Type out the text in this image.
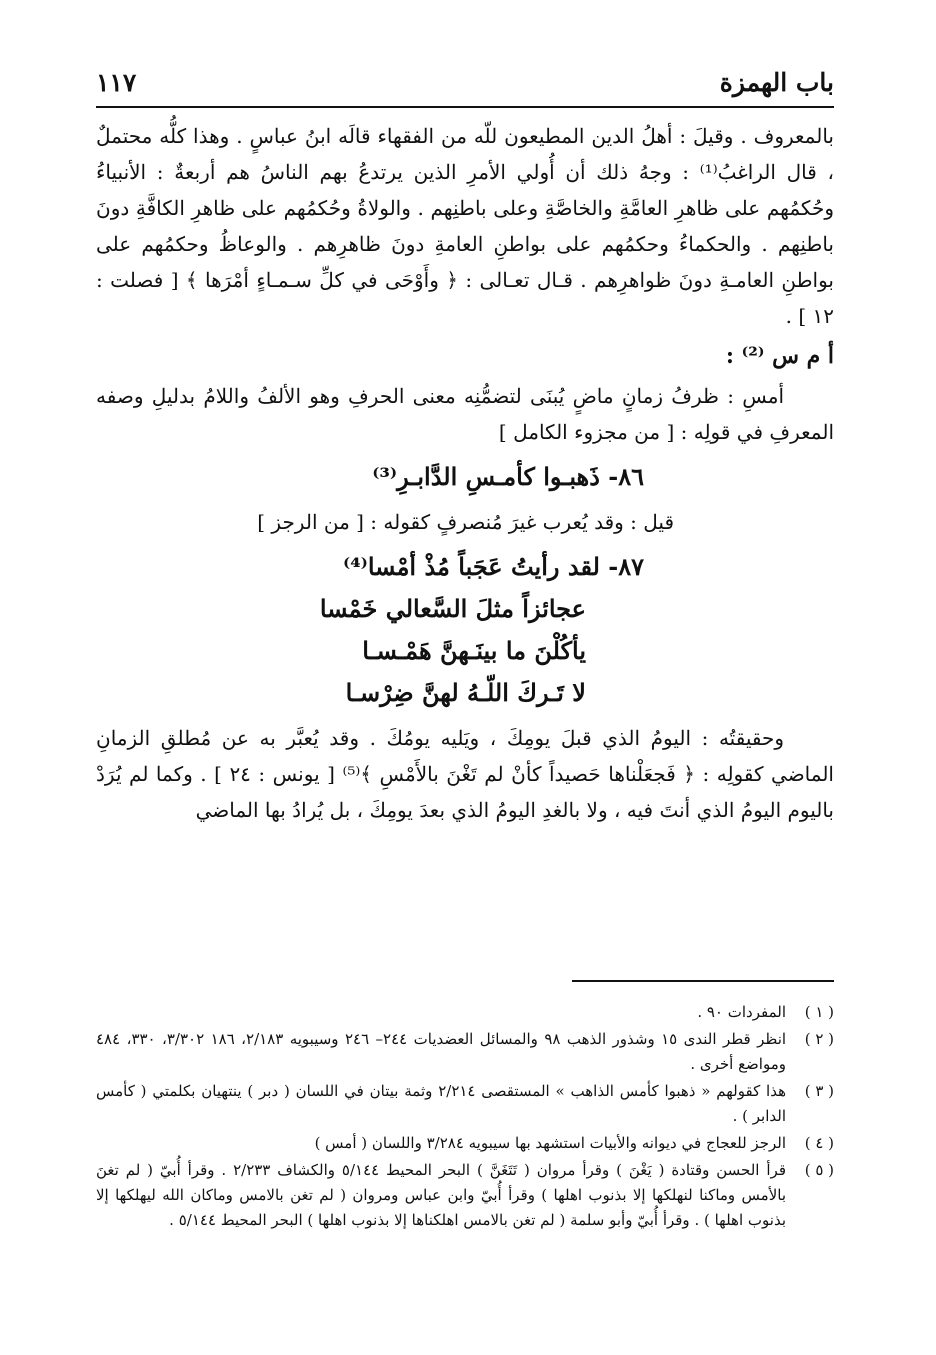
باب الهمزة
١١٧

بالمعروف . وقيلَ : أهلُ الدين المطيعون للّه من الفقهاء قالَه ابنُ عباسٍ . وهذا كلُّه محتملٌ ، قال الراغبُ⁽¹⁾ : وجهُ ذلك أن أُولي الأمرِ الذين يرتدعُ بهم الناسُ هم أربعةٌ : الأنبياءُ وحُكمُهم على ظاهرِ العامَّةِ والخاصَّةِ وعلى باطنِهم . والولاةُ وحُكمُهم على ظاهرِ الكافَّةِ دونَ باطنِهم . والحكماءُ وحكمُهم على بواطنِ العامةِ دونَ ظاهرِهم . والوعاظُ وحكمُهم على بواطنِ العامـةِ دونَ ظواهرِهم . قـال تعـالى : ﴿ وأَوْحَى في كلِّ سـمـاءٍ أمْرَها ﴾ [ فصلت : ١٢ ] .

أ م س ⁽²⁾ :

أمسِ : ظرفُ زمانٍ ماضٍ يُبنَى لتضمُّنِه معنى الحرفِ وهو الألفُ واللامُ بدليلِ وصفه المعرفِ في قولِه : [ من مجزوء الكامل ]

٨٦- ذَهبـوا كأمـسِ الدَّابـرِ⁽³⁾
قيل : وقد يُعرب غيرَ مُنصرفٍ كقوله : [ من الرجز ]
٨٧- لقد رأيتُ عَجَباً مُذْ أمْسا⁽⁴⁾
عجائزاً مثلَ السَّعالي خَمْسا
يأكُلْنَ ما بينَـهنَّ هَمْـسـا
لا تَـركَ اللّـهُ لهنَّ ضِرْسـا

وحقيقتُه : اليومُ الذي قبلَ يومِكَ ، ويَليه يومُكَ . وقد يُعبَّر به عن مُطلقِ الزمانِ الماضي كقولِه : ﴿ فَجعَلْناها حَصيداً كأنْ لم تَغْنَ بالأَمْسِ ﴾⁽⁵⁾ [ يونس : ٢٤ ] . وكما لم يُرَدْ باليوم اليومُ الذي أنتَ فيه ، ولا بالغدِ اليومُ الذي بعدَ يومِكَ ، بل يُرادُ بها الماضي

( ١ )
المفردات ٩٠ .
( ٢ )
انظر قطر الندى ١٥ وشذور الذهب ٩٨ والمسائل العضديات ٢٤٤– ٢٤٦ وسيبويه ٢/١٨٣، ١٨٦ ٣/٣٠٢، ٣٣٠، ٤٨٤ ومواضع أخرى .
( ٣ )
هذا كقولهم « ذهبوا كأمس الذاهب » المستقصى ٢/٢١٤ وثمة بيتان في اللسان ( دبر ) ينتهيان بكلمتي ( كأمس الدابر ) .
( ٤ )
الرجز للعجاج في ديوانه والأبيات استشهد بها سيبويه ٣/٢٨٤ واللسان ( أمس )
( ٥ )
قرأ الحسن وقتادة ( يَغْنَ ) وقرأ مروان ( تَتَغَنَّ ) البحر المحيط ٥/١٤٤ والكشاف ٢/٢٣٣ . وقرأ أُبيّ ( لم تغنَ بالأمس وماكنا لنهلكها إلا بذنوب اهلها ) وقرأ أُبيّ وابن عباس ومروان ( لم تغن بالامس وماكان الله ليهلكها إلا بذنوب اهلها ) . وقرأ أُبيّ وأبو سلمة ( لم تغن بالامس اهلكناها إلا بذنوب اهلها ) البحر المحيط ٥/١٤٤ .
